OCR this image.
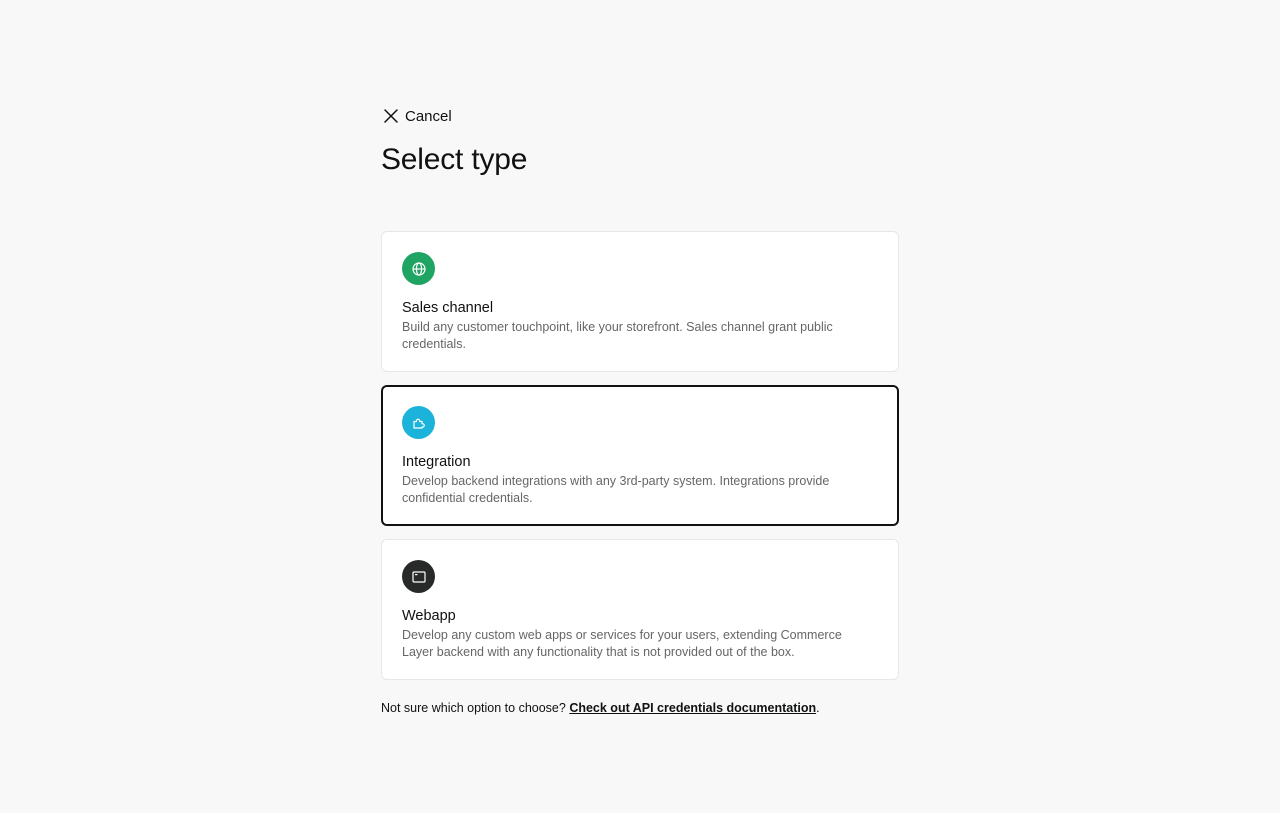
Cancel
Select type
Sales channel
Build any customer touchpoint, like your storefront. Sales channel grant public credentials.
Integration
Develop backend integrations with any 3rd-party system. Integrations provide confidential credentials.
Webapp
Develop any custom web apps or services for your users, extending Commerce Layer backend with any functionality that is not provided out of the box.
Not sure which option to choose? Check out API credentials documentation.
